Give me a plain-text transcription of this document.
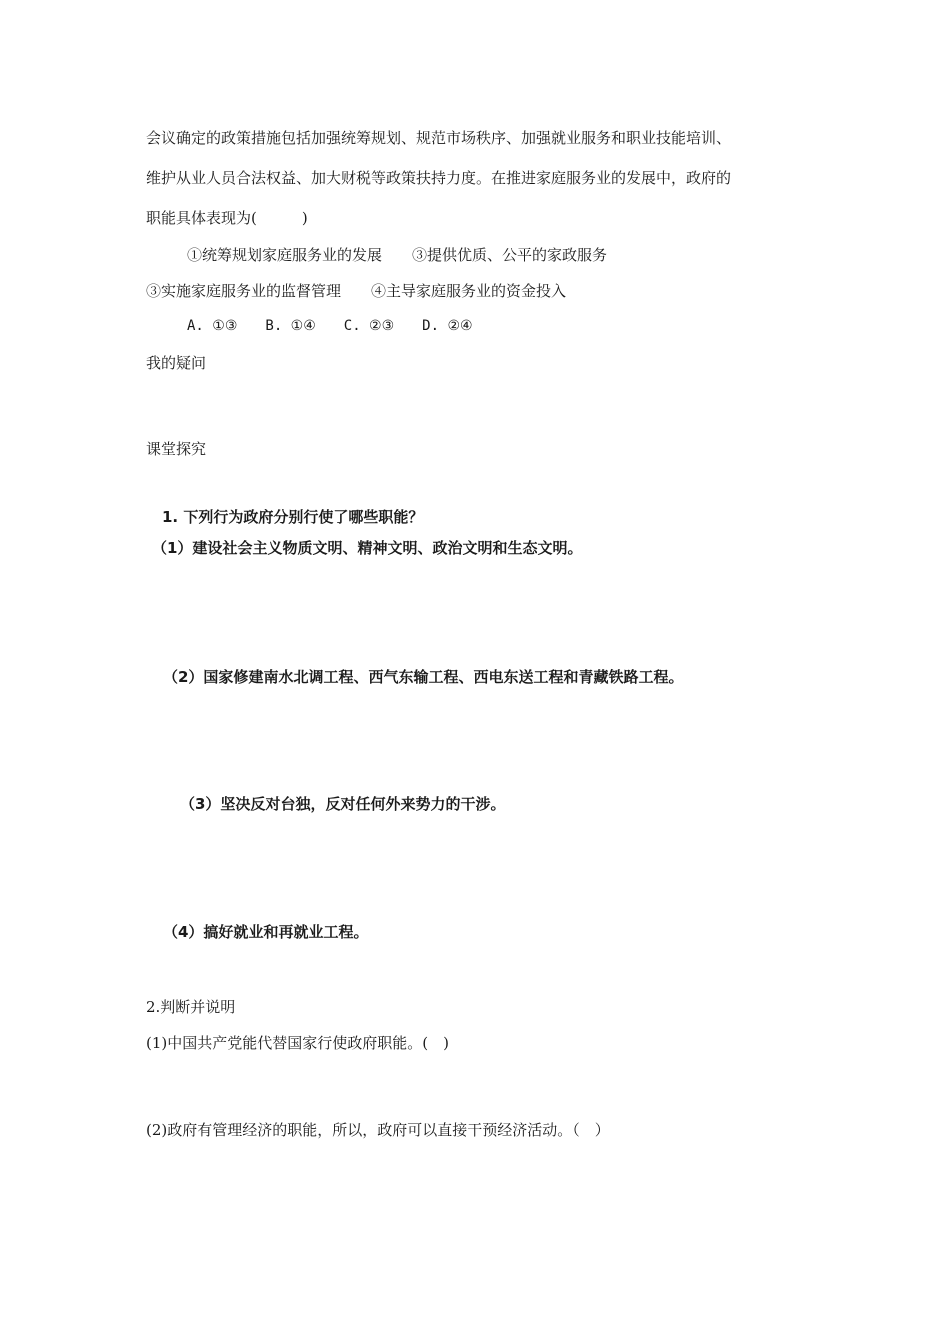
会议确定的政策措施包括加强统筹规划、规范市场秩序、加强就业服务和职业技能培训、
维护从业人员合法权益、加大财税等政策扶持力度。在推进家庭服务业的发展中，政府的
职能具体表现为(　　　)
①统筹规划家庭服务业的发展　　③提供优质、公平的家政服务
③实施家庭服务业的监督管理　　④主导家庭服务业的资金投入
A. ①③　　B. ①④　　C. ②③　　D. ②④
我的疑问
课堂探究
1. 下列行为政府分别行使了哪些职能？
（1）建设社会主义物质文明、精神文明、政治文明和生态文明。
（2）国家修建南水北调工程、西气东输工程、西电东送工程和青藏铁路工程。
（3）坚决反对台独，反对任何外来势力的干涉。
（4）搞好就业和再就业工程。
2.判断并说明
(1)中国共产党能代替国家行使政府职能。(　)
(2)政府有管理经济的职能，所以，政府可以直接干预经济活动。（　）
